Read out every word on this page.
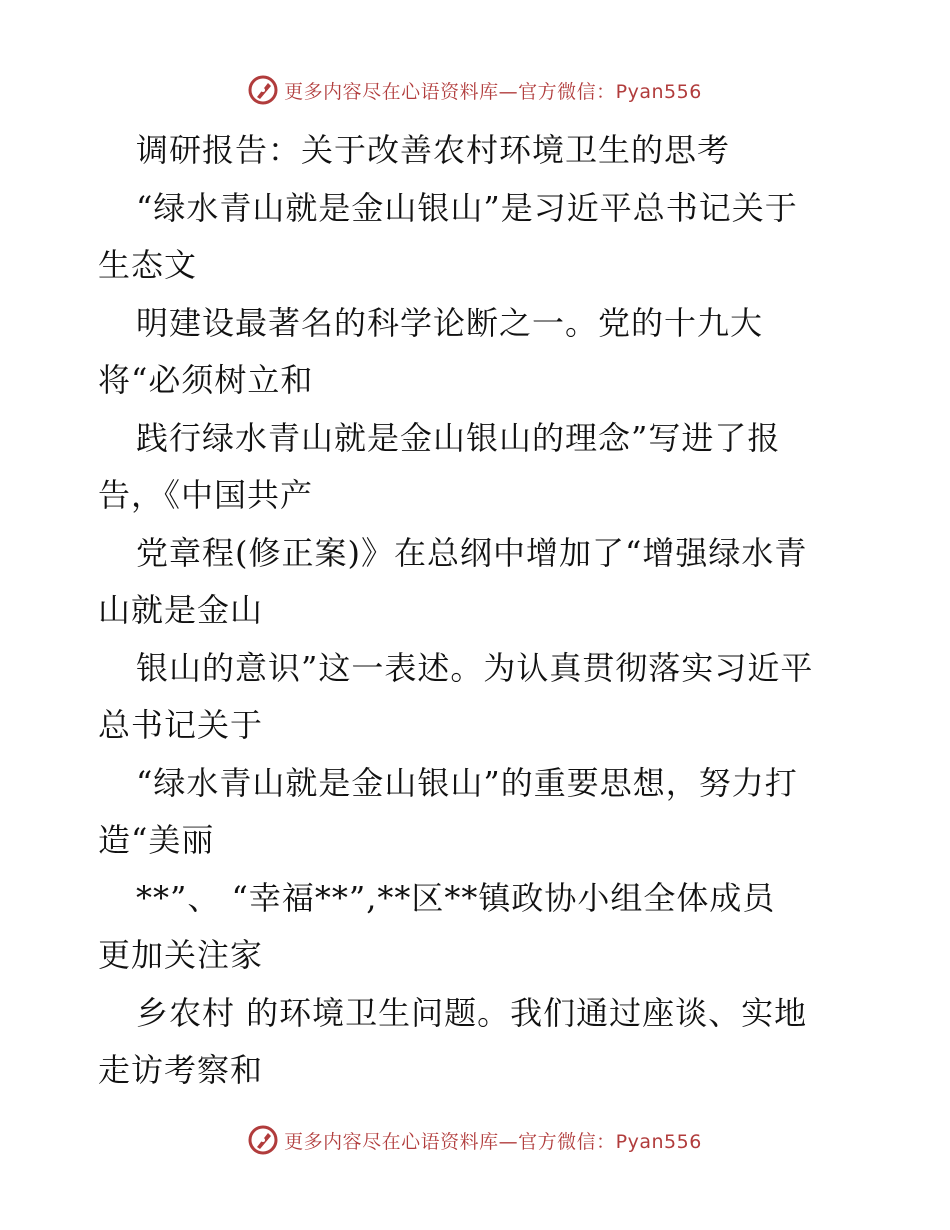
更多内容尽在心语资料库—官方微信：Pyan556
调研报告：关于改善农村环境卫生的思考
“绿水青山就是金山银山”是习近平总书记关于
生态文
明建设最著名的科学论断之一。党的十九大
将“必须树立和
践行绿水青山就是金山银山的理念”写进了报
告，《中国共产
党章程(修正案)》在总纲中增加了“增强绿水青
山就是金山
银山的意识”这一表述。为认真贯彻落实习近平
总书记关于
“绿水青山就是金山银山”的重要思想，努力打
造“美丽
**”、 “幸福**”,**区**镇政协小组全体成员
更加关注家
乡农村 的环境卫生问题。我们通过座谈、实地
走访考察和
更多内容尽在心语资料库—官方微信：Pyan556
